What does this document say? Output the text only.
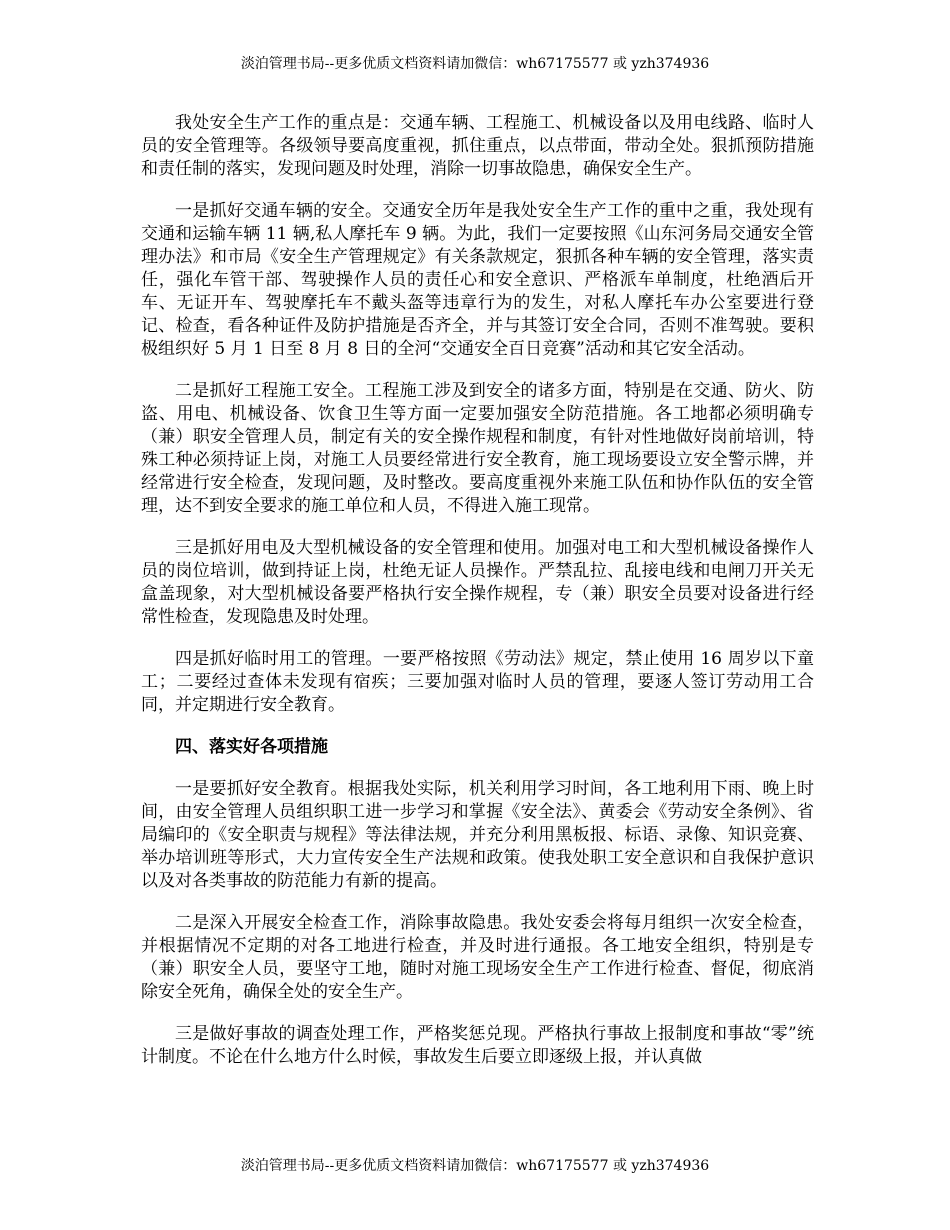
淡泊管理书局--更多优质文档资料请加微信：wh67175577 或 yzh374936

我处安全生产工作的重点是：交通车辆、工程施工、机械设备以及用电线路、临时人员的安全管理等。各级领导要高度重视，抓住重点，以点带面，带动全处。狠抓预防措施和责任制的落实，发现问题及时处理，消除一切事故隐患，确保安全生产。

一是抓好交通车辆的安全。交通安全历年是我处安全生产工作的重中之重，我处现有交通和运输车辆 11 辆,私人摩托车 9 辆。为此，我们一定要按照《山东河务局交通安全管理办法》和市局《安全生产管理规定》有关条款规定，狠抓各种车辆的安全管理，落实责任，强化车管干部、驾驶操作人员的责任心和安全意识、严格派车单制度，杜绝酒后开车、无证开车、驾驶摩托车不戴头盔等违章行为的发生，对私人摩托车办公室要进行登记、检查，看各种证件及防护措施是否齐全，并与其签订安全合同，否则不准驾驶。要积极组织好 5 月 1 日至 8 月 8 日的全河“交通安全百日竞赛”活动和其它安全活动。

二是抓好工程施工安全。工程施工涉及到安全的诸多方面，特别是在交通、防火、防盗、用电、机械设备、饮食卫生等方面一定要加强安全防范措施。各工地都必须明确专（兼）职安全管理人员，制定有关的安全操作规程和制度，有针对性地做好岗前培训，特殊工种必须持证上岗，对施工人员要经常进行安全教育，施工现场要设立安全警示牌，并经常进行安全检查，发现问题，及时整改。要高度重视外来施工队伍和协作队伍的安全管理，达不到安全要求的施工单位和人员，不得进入施工现常。

三是抓好用电及大型机械设备的安全管理和使用。加强对电工和大型机械设备操作人员的岗位培训，做到持证上岗，杜绝无证人员操作。严禁乱拉、乱接电线和电闸刀开关无盒盖现象，对大型机械设备要严格执行安全操作规程，专（兼）职安全员要对设备进行经常性检查，发现隐患及时处理。

四是抓好临时用工的管理。一要严格按照《劳动法》规定，禁止使用 16 周岁以下童工；二要经过查体未发现有宿疾；三要加强对临时人员的管理，要逐人签订劳动用工合同，并定期进行安全教育。

四、落实好各项措施

一是要抓好安全教育。根据我处实际，机关利用学习时间，各工地利用下雨、晚上时间，由安全管理人员组织职工进一步学习和掌握《安全法》、黄委会《劳动安全条例》、省局编印的《安全职责与规程》等法律法规，并充分利用黑板报、标语、录像、知识竞赛、举办培训班等形式，大力宣传安全生产法规和政策。使我处职工安全意识和自我保护意识以及对各类事故的防范能力有新的提高。

二是深入开展安全检查工作，消除事故隐患。我处安委会将每月组织一次安全检查，并根据情况不定期的对各工地进行检查，并及时进行通报。各工地安全组织，特别是专（兼）职安全人员，要坚守工地，随时对施工现场安全生产工作进行检查、督促，彻底消除安全死角，确保全处的安全生产。

三是做好事故的调查处理工作，严格奖惩兑现。严格执行事故上报制度和事故“零”统计制度。不论在什么地方什么时候，事故发生后要立即逐级上报，并认真做

淡泊管理书局--更多优质文档资料请加微信：wh67175577 或 yzh374936
